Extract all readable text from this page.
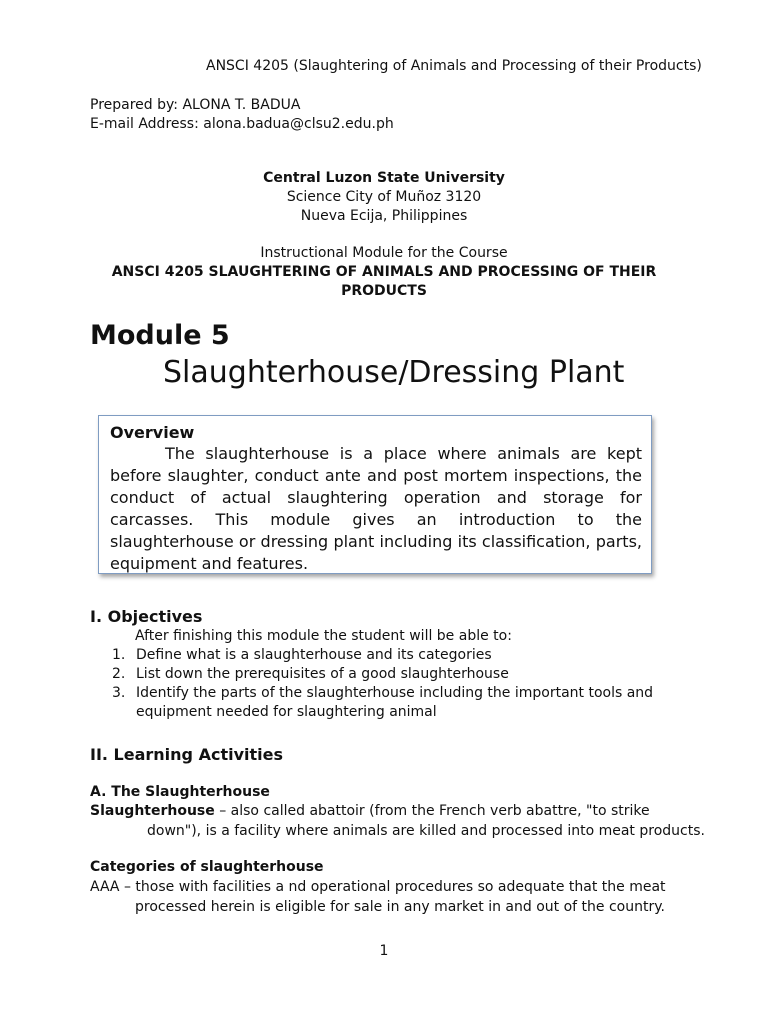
ANSCI 4205 (Slaughtering of Animals and Processing of their Products)
Prepared by: ALONA T. BADUA
E-mail Address: alona.badua@clsu2.edu.ph
Central Luzon State University
Science City of Muñoz 3120
Nueva Ecija, Philippines
Instructional Module for the Course
ANSCI 4205 SLAUGHTERING OF ANIMALS AND PROCESSING OF THEIR
PRODUCTS
Module 5
Slaughterhouse/Dressing Plant
Overview
The slaughterhouse is a place where animals are kept before slaughter, conduct ante and post mortem inspections, the conduct of actual slaughtering operation and storage for carcasses. This module gives an introduction to the slaughterhouse or dressing plant including its classification, parts, equipment and features.
I. Objectives
After finishing this module the student will be able to:
1. Define what is a slaughterhouse and its categories
2. List down the prerequisites of a good slaughterhouse
3. Identify the parts of the slaughterhouse including the important tools and
equipment needed for slaughtering animal
II. Learning Activities
A. The Slaughterhouse
Slaughterhouse – also called abattoir (from the French verb abattre, "to strike
down"), is a facility where animals are killed and processed into meat products.
Categories of slaughterhouse
AAA – those with facilities a nd operational procedures so adequate that the meat
processed herein is eligible for sale in any market in and out of the country.
1
